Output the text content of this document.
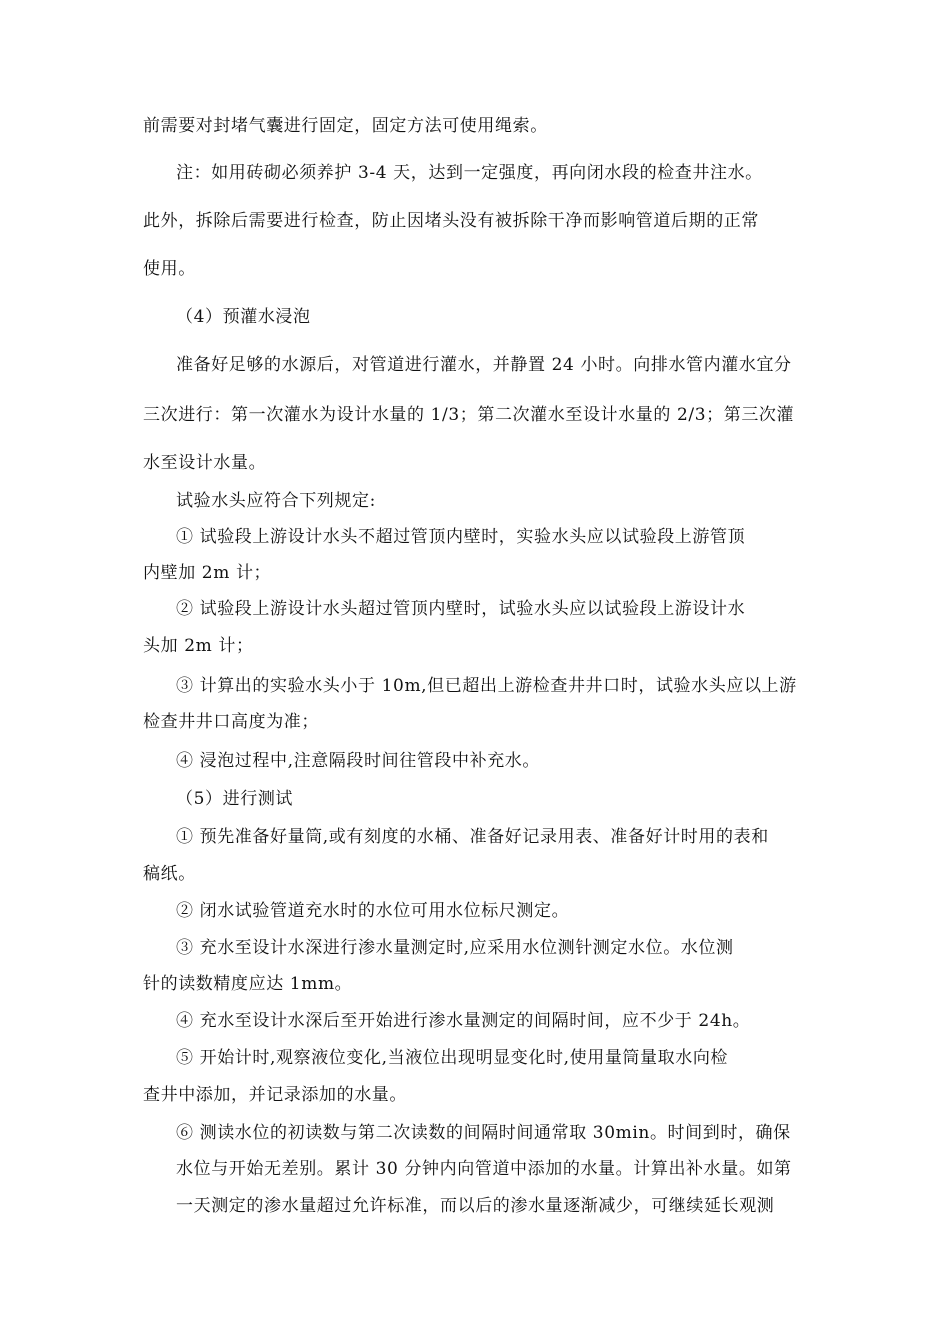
前需要对封堵气囊进行固定，固定方法可使用绳索。
注：如用砖砌必须养护 3-4 天，达到一定强度，再向闭水段的检查井注水。
此外，拆除后需要进行检查，防止因堵头没有被拆除干净而影响管道后期的正常
使用。
（4）预灌水浸泡
准备好足够的水源后，对管道进行灌水，并静置 24 小时。向排水管内灌水宜分
三次进行：第一次灌水为设计水量的 1/3；第二次灌水至设计水量的 2/3；第三次灌
水至设计水量。
试验水头应符合下列规定:
① 试验段上游设计水头不超过管顶内壁时，实验水头应以试验段上游管顶
内壁加 2m 计；
② 试验段上游设计水头超过管顶内壁时，试验水头应以试验段上游设计水
头加 2m 计；
③ 计算出的实验水头小于 10m,但已超出上游检查井井口时，试验水头应以上游
检查井井口高度为准；
④ 浸泡过程中,注意隔段时间往管段中补充水。
（5）进行测试
① 预先准备好量筒,或有刻度的水桶、准备好记录用表、准备好计时用的表和
稿纸。
② 闭水试验管道充水时的水位可用水位标尺测定。
③ 充水至设计水深进行渗水量测定时,应采用水位测针测定水位。水位测
针的读数精度应达 1mm。
④ 充水至设计水深后至开始进行渗水量测定的间隔时间，应不少于 24h。
⑤ 开始计时,观察液位变化,当液位出现明显变化时,使用量筒量取水向检
查井中添加，并记录添加的水量。
⑥ 测读水位的初读数与第二次读数的间隔时间通常取 30min。时间到时，确保
水位与开始无差别。累计 30 分钟内向管道中添加的水量。计算出补水量。如第
一天测定的渗水量超过允许标准，而以后的渗水量逐渐减少，可继续延长观测
